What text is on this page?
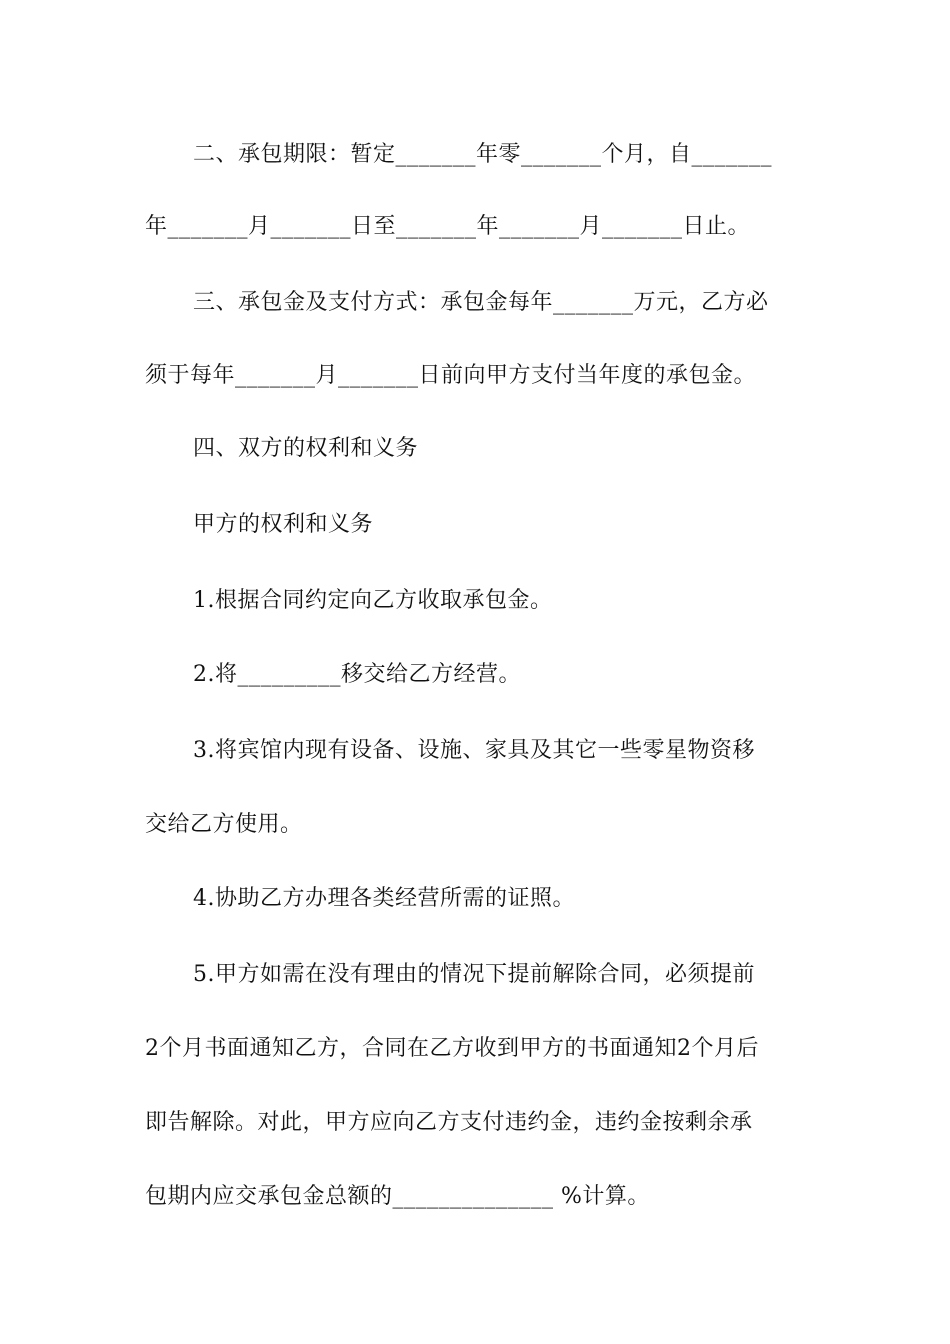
二、承包期限：暂定_______年零_______个月，自_______
年_______月_______日至_______年_______月_______日止。
三、承包金及支付方式：承包金每年_______万元，乙方必
须于每年_______月_______日前向甲方支付当年度的承包金。
四、双方的权利和义务
甲方的权利和义务
1.根据合同约定向乙方收取承包金。
2.将_________移交给乙方经营。
3.将宾馆内现有设备、设施、家具及其它一些零星物资移
交给乙方使用。
4.协助乙方办理各类经营所需的证照。
5.甲方如需在没有理由的情况下提前解除合同，必须提前
2个月书面通知乙方，合同在乙方收到甲方的书面通知2个月后
即告解除。对此，甲方应向乙方支付违约金，违约金按剩余承
包期内应交承包金总额的______________ %计算。
